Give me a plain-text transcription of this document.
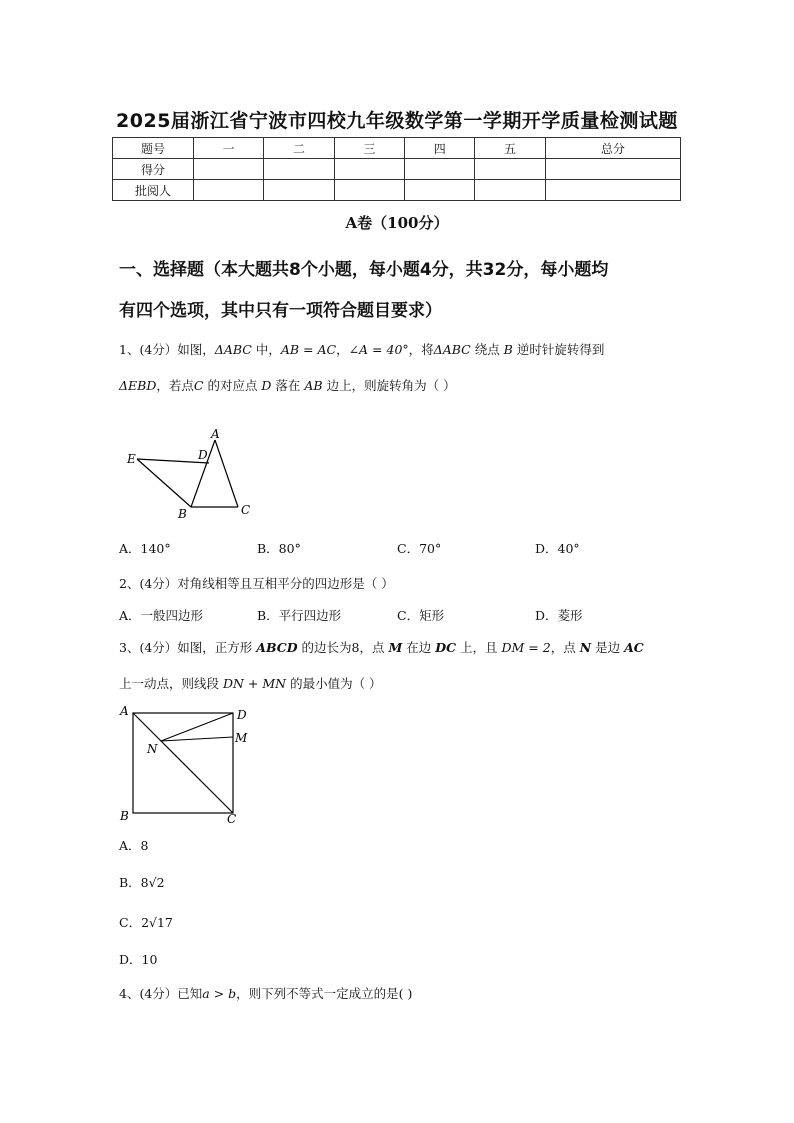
2025届浙江省宁波市四校九年级数学第一学期开学质量检测试题
题号	一	二	三	四	五	总分
得分						
批阅人						
A卷（100分）
一、选择题（本大题共8个小题，每小题4分，共32分，每小题均
有四个选项，其中只有一项符合题目要求）
1、(4分）如图，ΔABC 中，AB = AC，∠A = 40°，将ΔABC 绕点 B 逆时针旋转得到
ΔEBD，若点C 的对应点 D 落在 AB 边上，则旋转角为（ ）
A
B	C
D
E
A．140°	B．80°	C．70°	D．40°
2、(4分）对角线相等且互相平分的四边形是（ ）
A．一般四边形	B．平行四边形	C．矩形	D．菱形
3、(4分）如图，正方形 ABCD 的边长为8，点 M 在边 DC 上，且 DM = 2，点 N 是边 AC
上一动点，则线段 DN + MN 的最小值为（ ）
A
B	C
D
M
N
A．8
B．8√2
C．2√17
D．10
4、(4分）已知a > b，则下列不等式一定成立的是( )
